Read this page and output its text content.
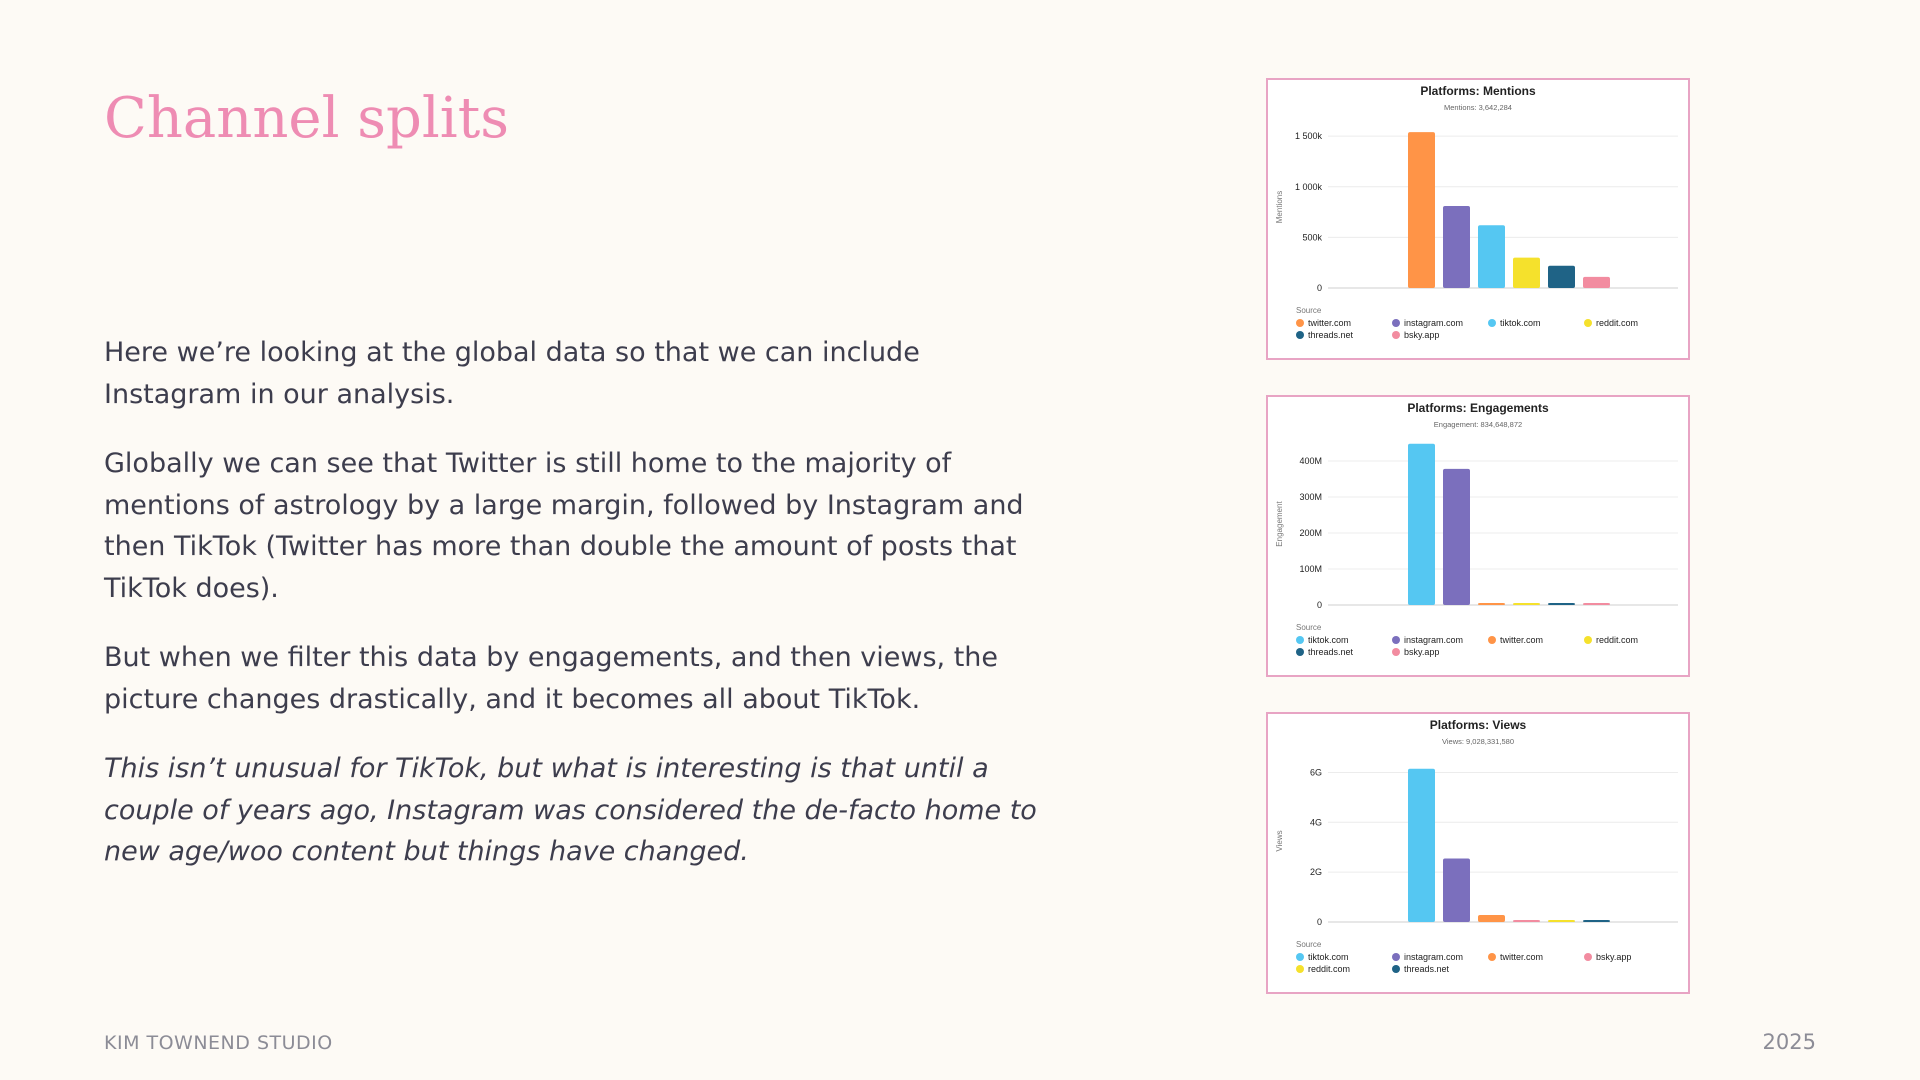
Channel splits

Here we’re looking at the global data so that we can include Instagram in our analysis.

Globally we can see that Twitter is still home to the majority of mentions of astrology by a large margin, followed by Instagram and then TikTok (Twitter has more than double the amount of posts that TikTok does).

But when we filter this data by engagements, and then views, the picture changes drastically, and it becomes all about TikTok.

This isn’t unusual for TikTok, but what is interesting is that until a couple of years ago, Instagram was considered the de-facto home to new age/woo content but things have changed.

KIM TOWNEND STUDIO	2025
Platforms: Mentions
Mentions: 3,642,284
0
500k
1 000k
1 500k
Mentions
Source
twitter.com	instagram.com	tiktok.com	reddit.com
threads.net	bsky.app
Platforms: Engagements
Engagement: 834,648,872
0
100M
200M
300M
400M
Engagement
Source
tiktok.com	instagram.com	twitter.com	reddit.com
threads.net	bsky.app
Platforms: Views
Views: 9,028,331,580
0
2G
4G
6G
Views
Source
tiktok.com	instagram.com	twitter.com	bsky.app
reddit.com	threads.net
